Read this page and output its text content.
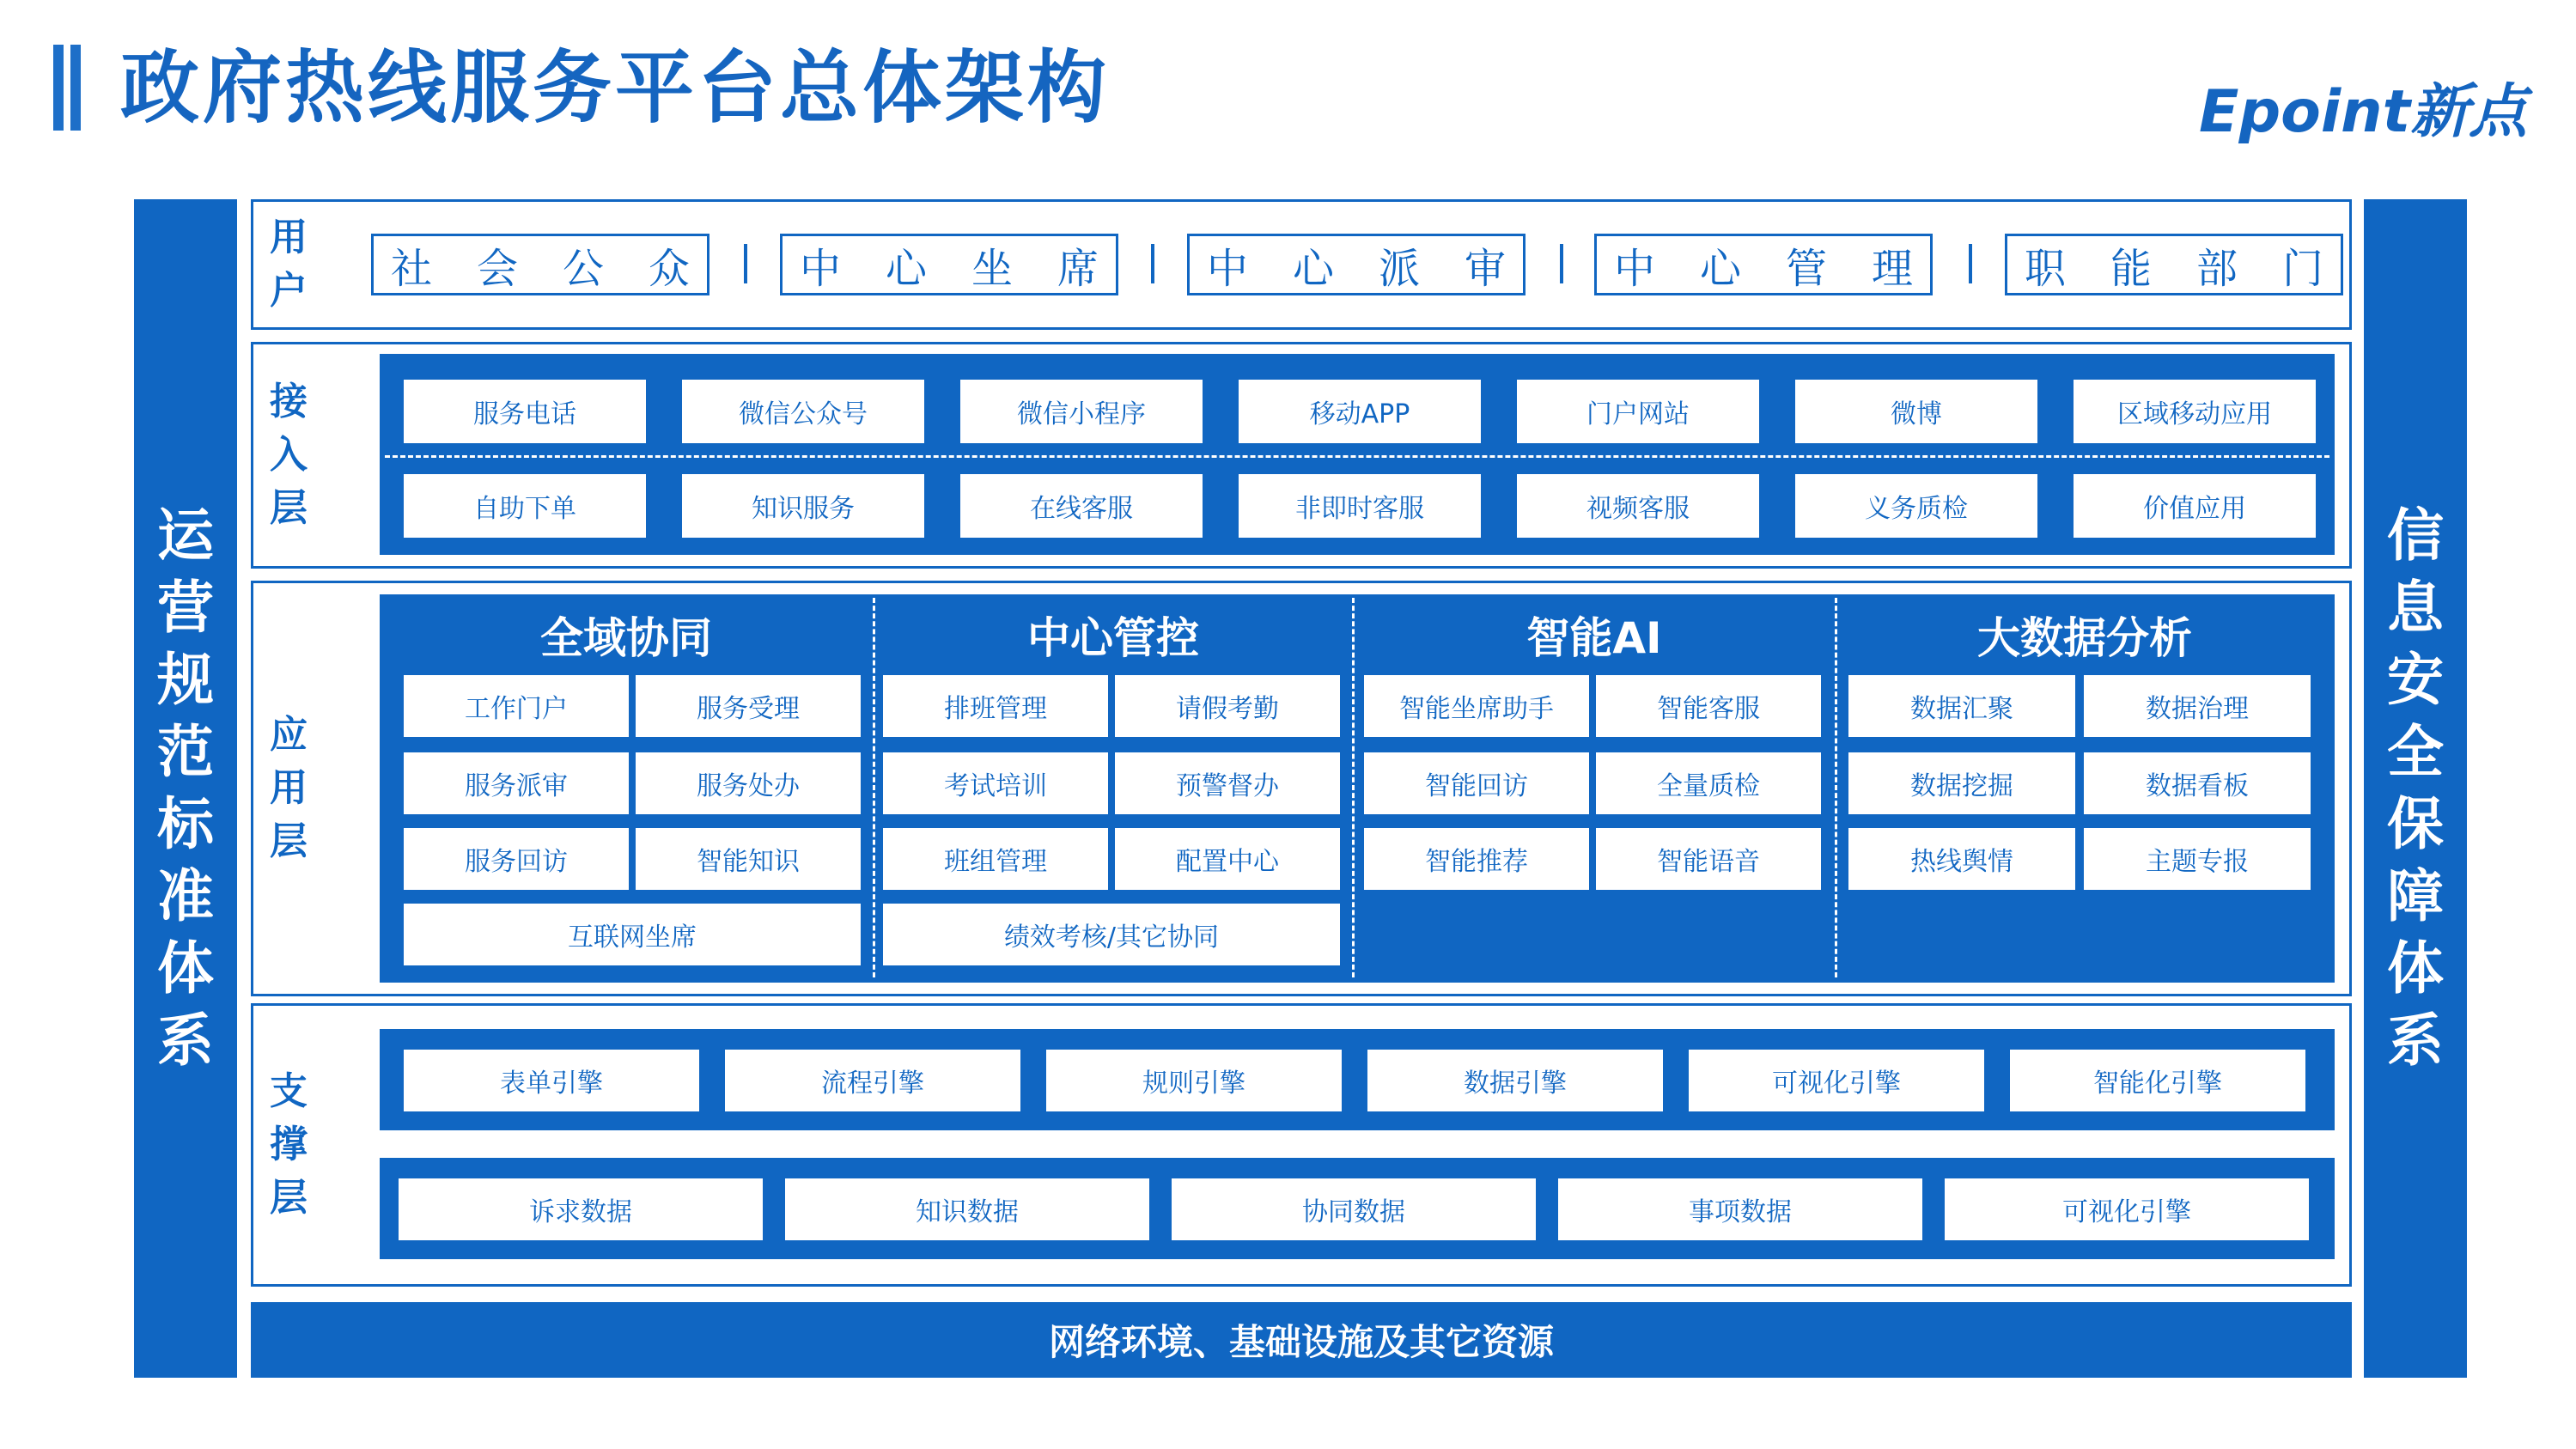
政府热线服务平台总体架构	Epoint新点
运
营
规
范
标
准
体
系
信
息
安
全
保
障
体
系
用
户 社 会 公 众	中 心 坐 席	中 心 派 审	中 心 管 理	职 能 部 门
接
入
层
服务电话	微信公众号	微信小程序	移动APP	门户网站	微博	区域移动应用
自助下单	知识服务	在线客服	非即时客服	视频客服	义务质检	价值应用
应
用
层
全域协同
工作门户	服务受理
服务派审	服务处办
服务回访	智能知识
互联网坐席
中心管控
排班管理	请假考勤
考试培训	预警督办
班组管理	配置中心
绩效考核/其它协同
智能AI
智能坐席助手	智能客服
智能回访	全量质检
智能推荐	智能语音
大数据分析
数据汇聚	数据治理
数据挖掘	数据看板
热线舆情	主题专报
支
撑
层
表单引擎	流程引擎	规则引擎	数据引擎	可视化引擎	智能化引擎
诉求数据	知识数据	协同数据	事项数据	可视化引擎
网络环境、基础设施及其它资源
